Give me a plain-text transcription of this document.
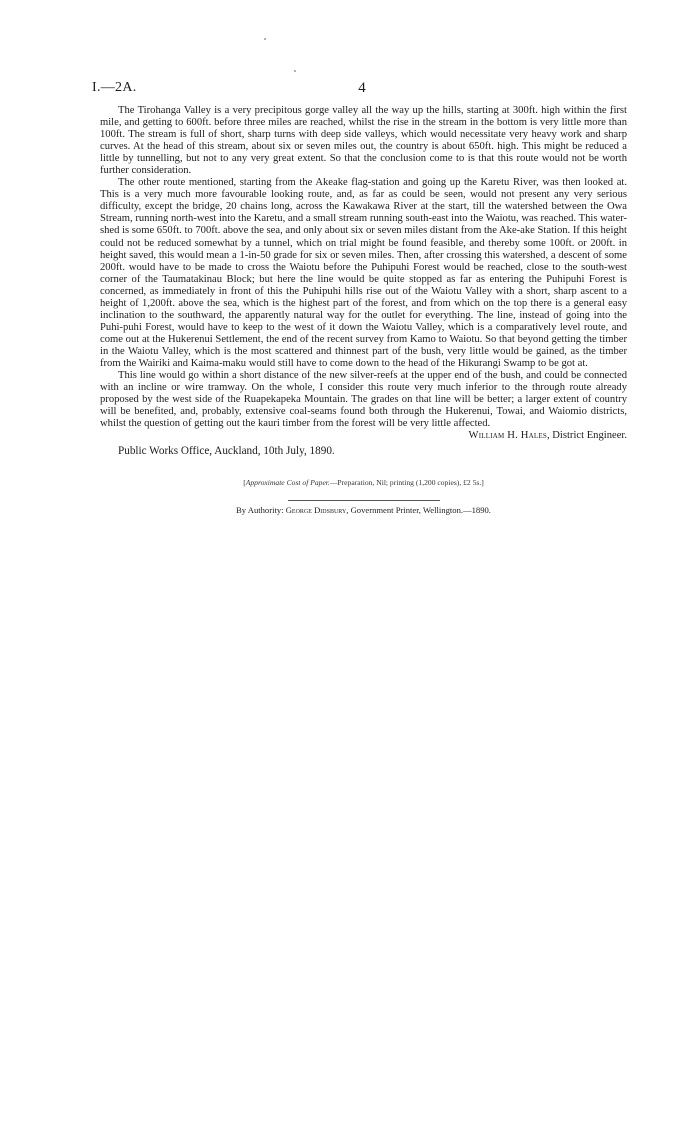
I.—2A.	4

The Tirohanga Valley is a very precipitous gorge valley all the way up the hills, starting at 300ft. high within the first mile, and getting to 600ft. before three miles are reached, whilst the rise in the stream in the bottom is very little more than 100ft. The stream is full of short, sharp turns with deep side valleys, which would necessitate very heavy work and sharp curves. At the head of this stream, about six or seven miles out, the country is about 650ft. high. This might be reduced a little by tunnelling, but not to any very great extent. So that the conclusion come to is that this route would not be worth further consideration.

The other route mentioned, starting from the Akeake flag-station and going up the Karetu River, was then looked at. This is a very much more favourable looking route, and, as far as could be seen, would not present any very serious difficulty, except the bridge, 20 chains long, across the Kawakawa River at the start, till the watershed between the Owa Stream, running north-west into the Karetu, and a small stream running south-east into the Waiotu, was reached. This water-shed is some 650ft. to 700ft. above the sea, and only about six or seven miles distant from the Ake-ake Station. If this height could not be reduced somewhat by a tunnel, which on trial might be found feasible, and thereby some 100ft. or 200ft. in height saved, this would mean a 1-in-50 grade for six or seven miles. Then, after crossing this watershed, a descent of some 200ft. would have to be made to cross the Waiotu before the Puhipuhi Forest would be reached, close to the south-west corner of the Taumatakinau Block; but here the line would be quite stopped as far as entering the Puhipuhi Forest is concerned, as immediately in front of this the Puhipuhi hills rise out of the Waiotu Valley with a short, sharp ascent to a height of 1,200ft. above the sea, which is the highest part of the forest, and from which on the top there is a general easy inclination to the southward, the apparently natural way for the outlet for everything. The line, instead of going into the Puhi-puhi Forest, would have to keep to the west of it down the Waiotu Valley, which is a comparatively level route, and come out at the Hukerenui Settlement, the end of the recent survey from Kamo to Waiotu. So that beyond getting the timber in the Waiotu Valley, which is the most scattered and thinnest part of the bush, very little would be gained, as the timber from the Wairiki and Kaima-maku would still have to come down to the head of the Hikurangi Swamp to be got at.

This line would go within a short distance of the new silver-reefs at the upper end of the bush, and could be connected with an incline or wire tramway. On the whole, I consider this route very much inferior to the through route already proposed by the west side of the Ruapekapeka Mountain. The grades on that line will be better; a larger extent of country will be benefited, and, probably, extensive coal-seams found both through the Hukerenui, Towai, and Waiomio districts, whilst the question of getting out the kauri timber from the forest will be very little affected.

William H. Hales, District Engineer.

Public Works Office, Auckland, 10th July, 1890.

[Approximate Cost of Paper.—Preparation, Nil; printing (1,200 copies), £2 5s.]
By Authority: George Didsbury, Government Printer, Wellington.—1890.
